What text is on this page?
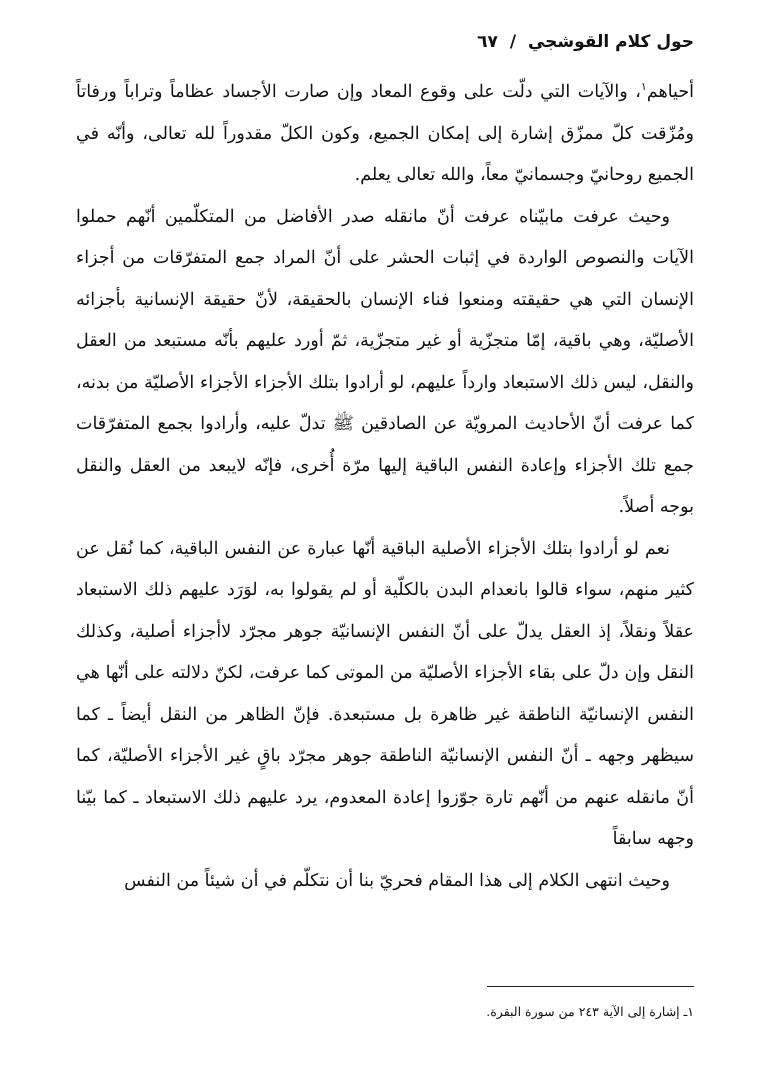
حول كلام القوشجي / ٦٧

أحياهم$^١$، والآيات التي دلّت على وقوع المعاد وإن صارت الأجساد عظاماً وتراباً ورفاتاً ومُزّقت كلّ ممزّق إشارة إلى إمكان الجميع، وكون الكلّ مقدوراً لله تعالى، وأنّه في الجميع روحانيّ وجسمانيّ معاً، والله تعالى يعلم.

وحيث عرفت مابيّناه عرفت أنّ مانقله صدر الأفاضل من المتكلّمين أنّهم حملوا الآيات والنصوص الواردة في إثبات الحشر على أنّ المراد جمع المتفرّقات من أجزاء الإنسان التي هي حقيقته ومنعوا فناء الإنسان بالحقيقة، لأنّ حقيقة الإنسانية بأجزائه الأصليّة، وهي باقية، إمّا متجزّية أو غير متجزّية، ثمّ أورد عليهم بأنّه مستبعد من العقل والنقل، ليس ذلك الاستبعاد وارداً عليهم، لو أرادوا بتلك الأجزاء الأجزاء الأصليّة من بدنه، كما عرفت أنّ الأحاديث المرويّة عن الصادقين ﷺ تدلّ عليه، وأرادوا بجمع المتفرّقات جمع تلك الأجزاء وإعادة النفس الباقية إليها مرّة أُخرى، فإنّه لايبعد من العقل والنقل بوجه أصلاً.

نعم لو أرادوا بتلك الأجزاء الأصلية الباقية أنّها عبارة عن النفس الباقية، كما نُقل عن كثير منهم، سواء قالوا بانعدام البدن بالكلّية أو لم يقولوا به، لوَرَد عليهم ذلك الاستبعاد عقلاً ونقلاً، إذ العقل يدلّ على أنّ النفس الإنسانيّة جوهر مجرّد لاأجزاء أصلية، وكذلك النقل وإن دلّ على بقاء الأجزاء الأصليّة من الموتى كما عرفت، لكنّ دلالته على أنّها هي النفس الإنسانيّة الناطقة غير ظاهرة بل مستبعدة. فإنّ الظاهر من النقل أيضاً ـ كما سيظهر وجهه ـ أنّ النفس الإنسانيّة الناطقة جوهر مجرّد باقٍ غير الأجزاء الأصليّة، كما أنّ مانقله عنهم من أنّهم تارة جوّزوا إعادة المعدوم، يرد عليهم ذلك الاستبعاد ـ كما بيّنا وجهه سابقاً

وحيث انتهى الكلام إلى هذا المقام فحريّ بنا أن نتكلّم في أن شيئاً من النفس

١ـ إشارة إلى الآية ٢٤٣ من سورة البقرة.
